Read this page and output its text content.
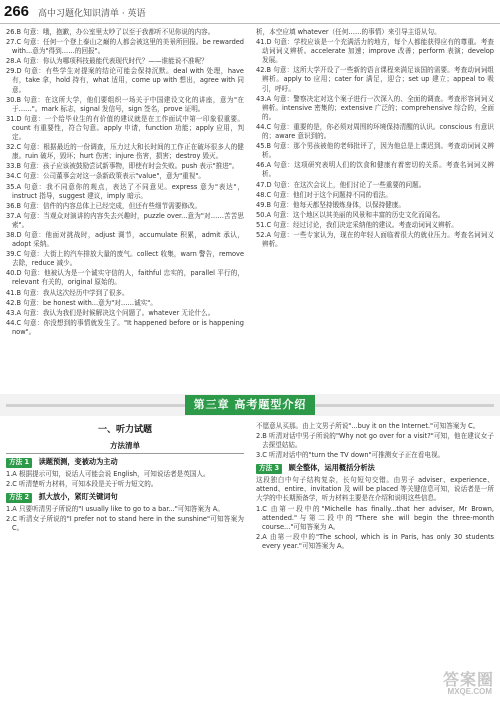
266 高中习题化知识清单 · 英语

26.B 句意：哦，抱歉，办公室里太吵了以至于我都听不见你说的内容。

27.C 句意：任何一个登上泰山之巅的人都会被这里的美景所回报。be rewarded with...意为"得到……的回报"。

28.A 句意：你认为哪项科技最能代表现代时代？——谁能说不准呢？

29.D 句意：有些学生对提案的结论可能会保持沉默。deal with 处理，have 有，take 拿，hold 持有，what 适用，come up with 想出，agree with 同意。

30.B 句意：在这所大学，他们要组织一场关于中国建设文化的讲座，意为"在于……"。mark 标志，signal 发信号，sign 签名，prove 证明。

31.D 句意：一个给毕业生的有价值的建议就是在工作面试中第一印象很重要。count 有重要性，符合句意。apply 申请，function 功能；apply 应用，判定。

32.C 句意：根据最近的一份调查，压力过大和长时间的工作正在破坏很多人的健康。ruin 破坏，毁坏；hurt 伤害；injure 伤害，损害；destroy 毁灭。

33.B 句意：孩子应该被鼓励尝试新事物，即使有时会失败。push 表示"推进"。

34.C 句意：公司董事会对这一条新政策表示"value"，意为"重视"。

35.A 句意：我不同意你的观点，表达了不同意见。express 意为"表达"，instruct 指导，suggest 建议，imply 暗示。

36.B 句意：信件的内容总体上已经完成，但还有些细节需要修改。

37.A 句意：当观众对演讲的内容失去兴趣时，puzzle over...意为"对……苦苦思索"。

38.D 句意：他面对挑战时，adjust 调节，accumulate 积累，admit 承认，adopt 采纳。

39.C 句意：大街上的汽车排放大量的废气。collect 收集，warn 警告，remove 去除，reduce 减少。

40.D 句意：他被认为是一个诚实守信的人，faithful 忠实的，parallel 平行的，relevant 有关的，original 原始的。

41.B 句意：我从这次经历中学到了很多。

42.B 句意：be honest with...意为"对……诚实"。

43.A 句意：我认为我们是时候解决这个问题了。whatever 无论什么。

44.C 句意：你没想到的事情就发生了。"It happened before or is happening now"。

析，本空应填 whatever（任何……的事情）来引导主语从句。

41.D 句意：学校应该是一个充满活力的地方，每个人都能获得应有的尊重。考查动词词义辨析。accelerate 加速；improve 改善；perform 表演；develop 发展。

42.B 句意：这所大学开设了一些新的语言课程来满足该国的需要。考查动词词组辨析。apply to 应用；cater for 满足，迎合；set up 建立；appeal to 吸引，呼吁。

43.A 句意：警察决定对这个案子进行一次深入的、全面的调查。考查形容词词义辨析。intensive 密集的；extensive 广泛的；comprehensive 综合的，全面的。

44.C 句意：重要的是，你必须对周围的环境保持清醒的认识。conscious 有意识的；aware 意识到的。

45.B 句意：那个男孩被他的老师批评了，因为他总是上课迟到。考查动词词义辨析。

46.A 句意：这项研究表明人们的饮食和健康有着密切的关系。考查名词词义辨析。

47.D 句意：在这次会议上，他们讨论了一些重要的问题。

48.C 句意：他们对于这个问题持不同的看法。

49.B 句意：他每天都坚持锻炼身体，以保持健康。

50.A 句意：这个地区以其美丽的风景和丰富的历史文化而闻名。

51.C 句意：经过讨论，我们决定采纳他的建议。考查动词词义辨析。

52.A 句意：一些专家认为，现在的年轻人面临着很大的就业压力。考查名词词义辨析。

第三章 高考题型介绍
一、听力试题
方法清单
方法 1 读题预测，变被动为主动

1.A 根据提示可知，说话人可能会说 English，可知说话者是英国人。

2.C 听清楚听力材料，可知本段是关于听力短文的。

方法 2 抓大放小，紧盯关键词句

1.A 只要听清男子所说的"I usually like to go to a bar..."可知答案为 A。

2.C 听清女子所说的"I prefer not to stand here in the sunshine"可知答案为 C。

不愿意从买那。由上文男子所说"...buy it on the Internet."可知答案为 C。

2.B 听清对话中男子所说的"Why not go over for a visit?"可知，他在建议女子去探望姑姑。

3.C 听清对话中的"turn the TV down"可推测女子正在看电视。

方法 3 顾全整体，运用概括分析法

这段独白中句子结构复杂，长句短句交错。由男子 adviser、experience、attend、entire、invitation 及 will be placed 等关键信息可知，说话者是一所大学的中长期预备学，听力材料主要是在介绍和说明这些信息。

1.C 由第一段中的"Michelle has finally...that her adviser, Mr Brown, attended."与第二段中的"There she will begin the three-month course..."可知答案为 A。

2.A 由第一段中的"The school, which is in Paris, has only 30 students every year."可知答案为 A。

答案圈
MXQE.COM
